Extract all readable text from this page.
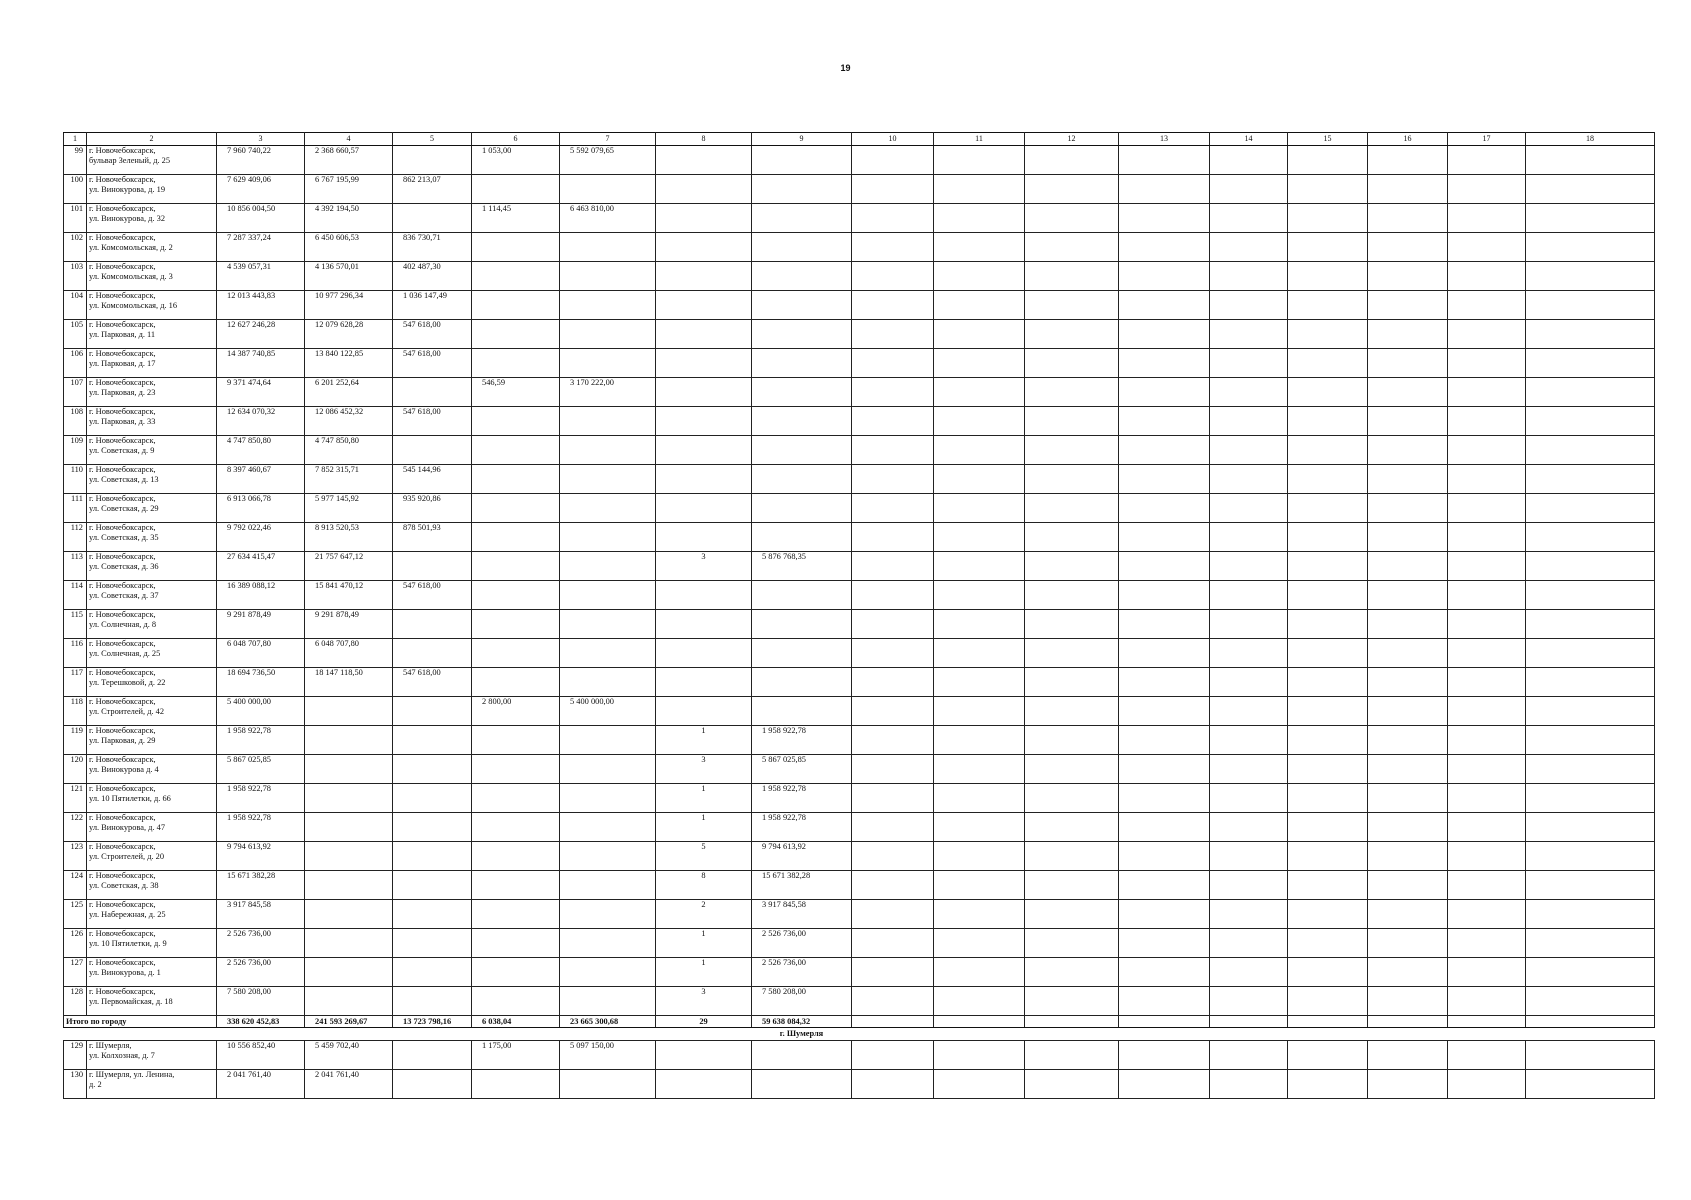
19
1	2	3	4	5	6	7	8	9	10	11	12	13	14	15	16	17	18
99	г. Новочебоксарск,
бульвар Зеленый, д. 25	7 960 740,22	2 368 660,57		1 053,00	5 592 079,65											
100	г. Новочебоксарск,
ул. Винокурова, д. 19	7 629 409,06	6 767 195,99	862 213,07													
101	г. Новочебоксарск,
ул. Винокурова, д. 32	10 856 004,50	4 392 194,50		1 114,45	6 463 810,00											
102	г. Новочебоксарск,
ул. Комсомольская, д. 2	7 287 337,24	6 450 606,53	836 730,71													
103	г. Новочебоксарск,
ул. Комсомольская, д. 3	4 539 057,31	4 136 570,01	402 487,30													
104	г. Новочебоксарск,
ул. Комсомольская, д. 16	12 013 443,83	10 977 296,34	1 036 147,49													
105	г. Новочебоксарск,
ул. Парковая, д. 11	12 627 246,28	12 079 628,28	547 618,00													
106	г. Новочебоксарск,
ул. Парковая, д. 17	14 387 740,85	13 840 122,85	547 618,00													
107	г. Новочебоксарск,
ул. Парковая, д. 23	9 371 474,64	6 201 252,64		546,59	3 170 222,00											
108	г. Новочебоксарск,
ул. Парковая, д. 33	12 634 070,32	12 086 452,32	547 618,00													
109	г. Новочебоксарск,
ул. Советская, д. 9	4 747 850,80	4 747 850,80														
110	г. Новочебоксарск,
ул. Советская, д. 13	8 397 460,67	7 852 315,71	545 144,96													
111	г. Новочебоксарск,
ул. Советская, д. 29	6 913 066,78	5 977 145,92	935 920,86													
112	г. Новочебоксарск,
ул. Советская, д. 35	9 792 022,46	8 913 520,53	878 501,93													
113	г. Новочебоксарск,
ул. Советская, д. 36	27 634 415,47	21 757 647,12				3	5 876 768,35									
114	г. Новочебоксарск,
ул. Советская, д. 37	16 389 088,12	15 841 470,12	547 618,00													
115	г. Новочебоксарск,
ул. Солнечная, д. 8	9 291 878,49	9 291 878,49														
116	г. Новочебоксарск,
ул. Солнечная, д. 25	6 048 707,80	6 048 707,80														
117	г. Новочебоксарск,
ул. Терешковой, д. 22	18 694 736,50	18 147 118,50	547 618,00													
118	г. Новочебоксарск,
ул. Строителей, д. 42	5 400 000,00			2 800,00	5 400 000,00											
119	г. Новочебоксарск,
ул. Парковая, д. 29	1 958 922,78					1	1 958 922,78									
120	г. Новочебоксарск,
ул. Винокурова д. 4	5 867 025,85					3	5 867 025,85									
121	г. Новочебоксарск,
ул. 10 Пятилетки, д. 66	1 958 922,78					1	1 958 922,78									
122	г. Новочебоксарск,
ул. Винокурова, д. 47	1 958 922,78					1	1 958 922,78									
123	г. Новочебоксарск,
ул. Строителей, д. 20	9 794 613,92					5	9 794 613,92									
124	г. Новочебоксарск,
ул. Советская, д. 38	15 671 382,28					8	15 671 382,28									
125	г. Новочебоксарск,
ул. Набережная, д. 25	3 917 845,58					2	3 917 845,58									
126	г. Новочебоксарск,
ул. 10 Пятилетки, д. 9	2 526 736,00					1	2 526 736,00									
127	г. Новочебоксарск,
ул. Винокурова, д. 1	2 526 736,00					1	2 526 736,00									
128	г. Новочебоксарск,
ул. Первомайская, д. 18	7 580 208,00					3	7 580 208,00									
Итого по городу		338 620 452,83	241 593 269,67	13 723 798,16	6 038,04	23 665 300,68	29	59 638 084,32									
								г. Шумерля									
129	г. Шумерля,
ул. Колхозная, д. 7	10 556 852,40	5 459 702,40		1 175,00	5 097 150,00											
130	г. Шумерля, ул. Ленина,
д. 2	2 041 761,40	2 041 761,40														
